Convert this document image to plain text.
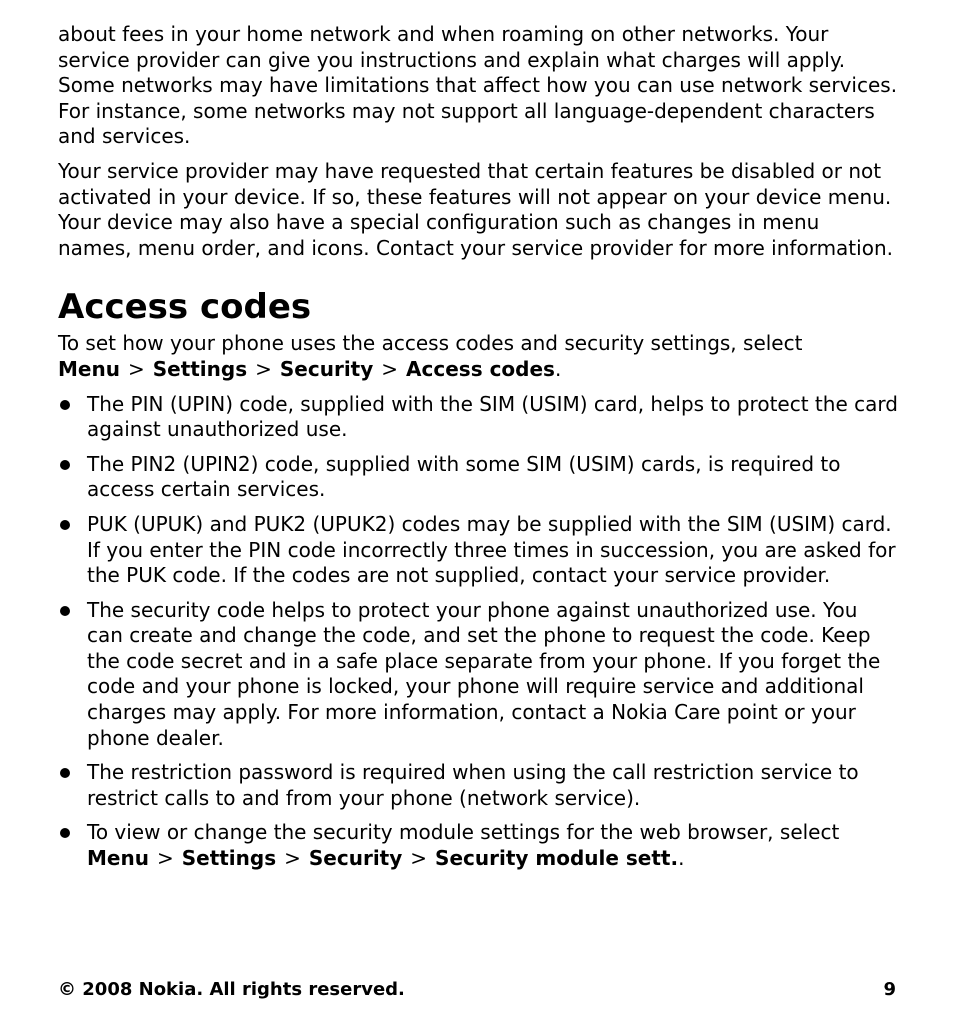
about fees in your home network and when roaming on other networks. Your service provider can give you instructions and explain what charges will apply. Some networks may have limitations that affect how you can use network services. For instance, some networks may not support all language-dependent characters and services.

Your service provider may have requested that certain features be disabled or not activated in your device. If so, these features will not appear on your device menu. Your device may also have a special configuration such as changes in menu names, menu order, and icons. Contact your service provider for more information.

Access codes

To set how your phone uses the access codes and security settings, select Menu > Settings > Security > Access codes.

The PIN (UPIN) code, supplied with the SIM (USIM) card, helps to protect the card against unauthorized use.
The PIN2 (UPIN2) code, supplied with some SIM (USIM) cards, is required to access certain services.
PUK (UPUK) and PUK2 (UPUK2) codes may be supplied with the SIM (USIM) card. If you enter the PIN code incorrectly three times in succession, you are asked for the PUK code. If the codes are not supplied, contact your service provider.
The security code helps to protect your phone against unauthorized use. You can create and change the code, and set the phone to request the code. Keep the code secret and in a safe place separate from your phone. If you forget the code and your phone is locked, your phone will require service and additional charges may apply. For more information, contact a Nokia Care point or your phone dealer.
The restriction password is required when using the call restriction service to restrict calls to and from your phone (network service).
To view or change the security module settings for the web browser, select Menu > Settings > Security > Security module sett..
© 2008 Nokia. All rights reserved.	9
